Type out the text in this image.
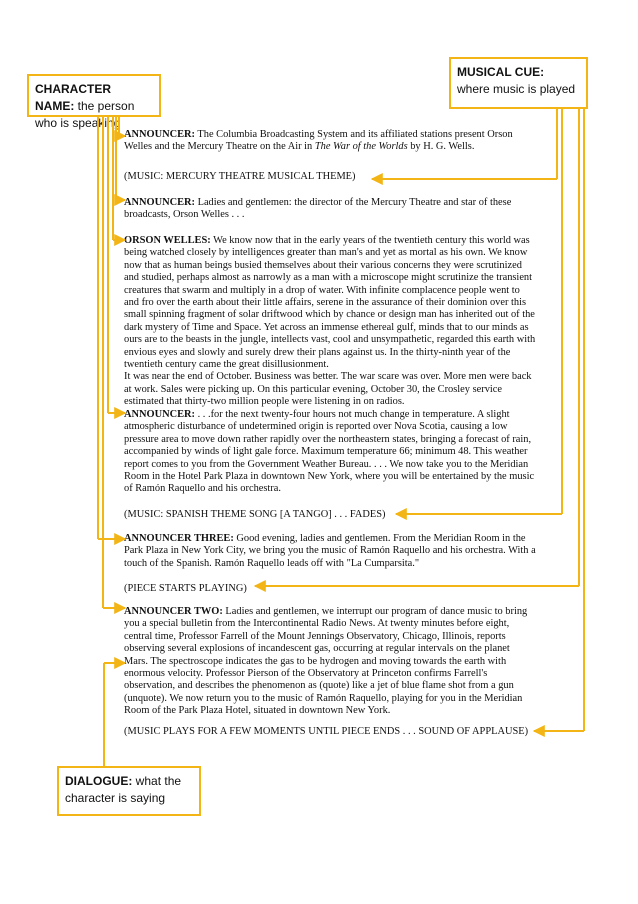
CHARACTER NAME: the person who is speaking
MUSICAL CUE: where music is played
DIALOGUE: what the character is saying

ANNOUNCER: The Columbia Broadcasting System and its affiliated stations present Orson Welles and the Mercury Theatre on the Air in The War of the Worlds by H. G. Wells.

(MUSIC: MERCURY THEATRE MUSICAL THEME)

ANNOUNCER: Ladies and gentlemen: the director of the Mercury Theatre and star of these broadcasts, Orson Welles . . .

ORSON WELLES: We know now that in the early years of the twentieth century this world was being watched closely by intelligences greater than man's and yet as mortal as his own. We know now that as human beings busied themselves about their various concerns they were scrutinized and studied, perhaps almost as narrowly as a man with a microscope might scrutinize the transient creatures that swarm and multiply in a drop of water. With infinite complacence people went to and fro over the earth about their little affairs, serene in the assurance of their dominion over this small spinning fragment of solar driftwood which by chance or design man has inherited out of the dark mystery of Time and Space. Yet across an immense ethereal gulf, minds that to our minds as ours are to the beasts in the jungle, intellects vast, cool and unsympathetic, regarded this earth with envious eyes and slowly and surely drew their plans against us. In the thirty-ninth year of the twentieth century came the great disillusionment.

It was near the end of October. Business was better. The war scare was over. More men were back at work. Sales were picking up. On this particular evening, October 30, the Crosley service estimated that thirty-two million people were listening in on radios.

ANNOUNCER: . . .for the next twenty-four hours not much change in temperature. A slight atmospheric disturbance of undetermined origin is reported over Nova Scotia, causing a low pressure area to move down rather rapidly over the northeastern states, bringing a forecast of rain, accompanied by winds of light gale force. Maximum temperature 66; minimum 48. This weather report comes to you from the Government Weather Bureau. . . . We now take you to the Meridian Room in the Hotel Park Plaza in downtown New York, where you will be entertained by the music of Ramón Raquello and his orchestra.

(MUSIC: SPANISH THEME SONG [A TANGO] . . . FADES)

ANNOUNCER THREE: Good evening, ladies and gentlemen. From the Meridian Room in the Park Plaza in New York City, we bring you the music of Ramón Raquello and his orchestra. With a touch of the Spanish. Ramón Raquello leads off with "La Cumparsita."

(PIECE STARTS PLAYING)

ANNOUNCER TWO: Ladies and gentlemen, we interrupt our program of dance music to bring you a special bulletin from the Intercontinental Radio News. At twenty minutes before eight, central time, Professor Farrell of the Mount Jennings Observatory, Chicago, Illinois, reports observing several explosions of incandescent gas, occurring at regular intervals on the planet Mars. The spectroscope indicates the gas to be hydrogen and moving towards the earth with enormous velocity. Professor Pierson of the Observatory at Princeton confirms Farrell's observation, and describes the phenomenon as (quote) like a jet of blue flame shot from a gun (unquote). We now return you to the music of Ramón Raquello, playing for you in the Meridian Room of the Park Plaza Hotel, situated in downtown New York.

(MUSIC PLAYS FOR A FEW MOMENTS UNTIL PIECE ENDS . . . SOUND OF APPLAUSE)
